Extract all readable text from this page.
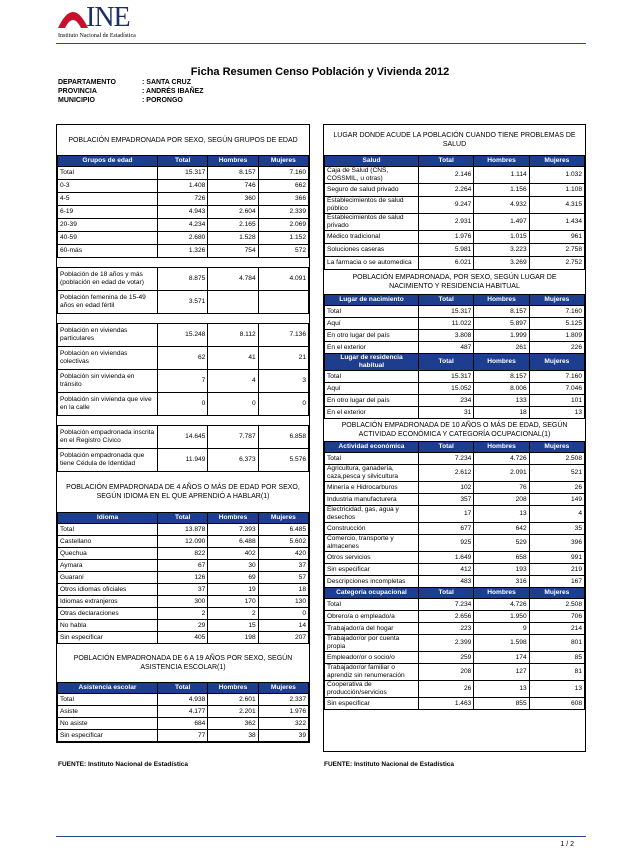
INE
Instituto Nacional de Estadística
Ficha Resumen Censo Población y Vivienda 2012
DEPARTAMENTO	: SANTA CRUZ
PROVINCIA	: ANDRÉS IBAÑEZ
MUNICIPIO	: PORONGO
POBLACIÓN EMPADRONADA POR SEXO, SEGÚN GRUPOS DE EDAD
Grupos de edad	Total	Hombres	Mujeres
Total	15.317	8.157	7.160
0-3	1.408	746	662
4-5	726	360	366
6-19	4.943	2.604	2.339
20-39	4.234	2.165	2.069
40-59	2.680	1.528	1.152
60-más	1.326	754	572
Población de 18 años y más (población en edad de votar)	8.875	4.784	4.091
Población femenina de 15-49 años en edad fértil	3.571		
Población en viviendas particulares	15.248	8.112	7.136
Población en viviendas colectivas	62	41	21
Población sin vivienda en tránsito	7	4	3
Población sin vivienda que vive en la calle	0	0	0
Población empadronada inscrita en el Registro Cívico	14.645	7.787	6.858
Población empadronada que tiene Cédula de Identidad	11.949	6.373	5.576
POBLACIÓN EMPADRONADA DE 4 AÑOS O MÁS DE EDAD POR SEXO, SEGÚN IDIOMA EN EL QUE APRENDIÓ A HABLAR(1)
Idioma	Total	Hombres	Mujeres
Total	13.878	7.393	6.485
Castellano	12.090	6.488	5.602
Quechua	822	402	420
Aymara	67	30	37
Guaraní	126	69	57
Otros idiomas oficiales	37	19	18
Idiomas extranjeros	300	170	130
Otras declaraciones	2	2	0
No habla	29	15	14
Sin especificar	405	198	207
POBLACIÓN EMPADRONADA DE 6 A 19 AÑOS POR SEXO, SEGÚN ASISTENCIA ESCOLAR(1)
Asistencia escolar	Total	Hombres	Mujeres
Total	4.938	2.601	2.337
Asiste	4.177	2.201	1.976
No asiste	684	362	322
Sin especificar	77	38	39
LUGAR DONDE ACUDE LA POBLACIÓN CUANDO TIENE PROBLEMAS DE SALUD
Salud	Total	Hombres	Mujeres
Caja de Salud (CNS, COSSMIL, u otras)	2.146	1.114	1.032
Seguro de salud privado	2.264	1.156	1.108
Establecimientos de salud público	9.247	4.932	4.315
Establecimientos de salud privado	2.931	1.497	1.434
Médico tradicional	1.976	1.015	961
Soluciones caseras	5.981	3.223	2.758
La farmacia o se automedica	6.021	3.269	2.752
POBLACIÓN EMPADRONADA, POR SEXO, SEGÚN LUGAR DE NACIMIENTO Y RESIDENCIA HABITUAL
Lugar de nacimiento	Total	Hombres	Mujeres
Total	15.317	8.157	7.160
Aquí	11.022	5.897	5.125
En otro lugar del país	3.808	1.999	1.809
En el exterior	487	261	226
Lugar de residencia habitual	Total	Hombres	Mujeres
Total	15.317	8.157	7.160
Aquí	15.052	8.006	7.046
En otro lugar del país	234	133	101
En el exterior	31	18	13
POBLACIÓN EMPADRONADA DE 10 AÑOS O MÁS DE EDAD, SEGÚN ACTIVIDAD ECONÓMICA Y CATEGORÍA OCUPACIONAL(1)
Actividad económica	Total	Hombres	Mujeres
Total	7.234	4.726	2.508
Agricultura, ganadería, caza,pesca y silvicultura	2.612	2.091	521
Minería e Hidrocarburos	102	76	26
Industria manufacturera	357	208	149
Electricidad, gas, agua y desechos	17	13	4
Construcción	677	642	35
Comercio, transporte y almacenes	925	529	396
Otros servicios	1.649	658	991
Sin especificar	412	193	219
Descripciones incompletas	483	316	167
Categoría ocupacional	Total	Hombres	Mujeres
Total	7.234	4.726	2.508
Obrero/a o empleado/a	2.656	1.950	706
Trabajador/a del hogar	223	9	214
Trabajador/or por cuenta propia	2.399	1.598	801
Empleador/or o socio/o	259	174	85
Trabajador/or familiar o aprendiz sin renumeración	208	127	81
Cooperativa de producción/servicios	26	13	13
Sin especificar	1.463	855	608
FUENTE: Instituto Nacional de Estadística	FUENTE: Instituto Nacional de Estadística
1 / 2
